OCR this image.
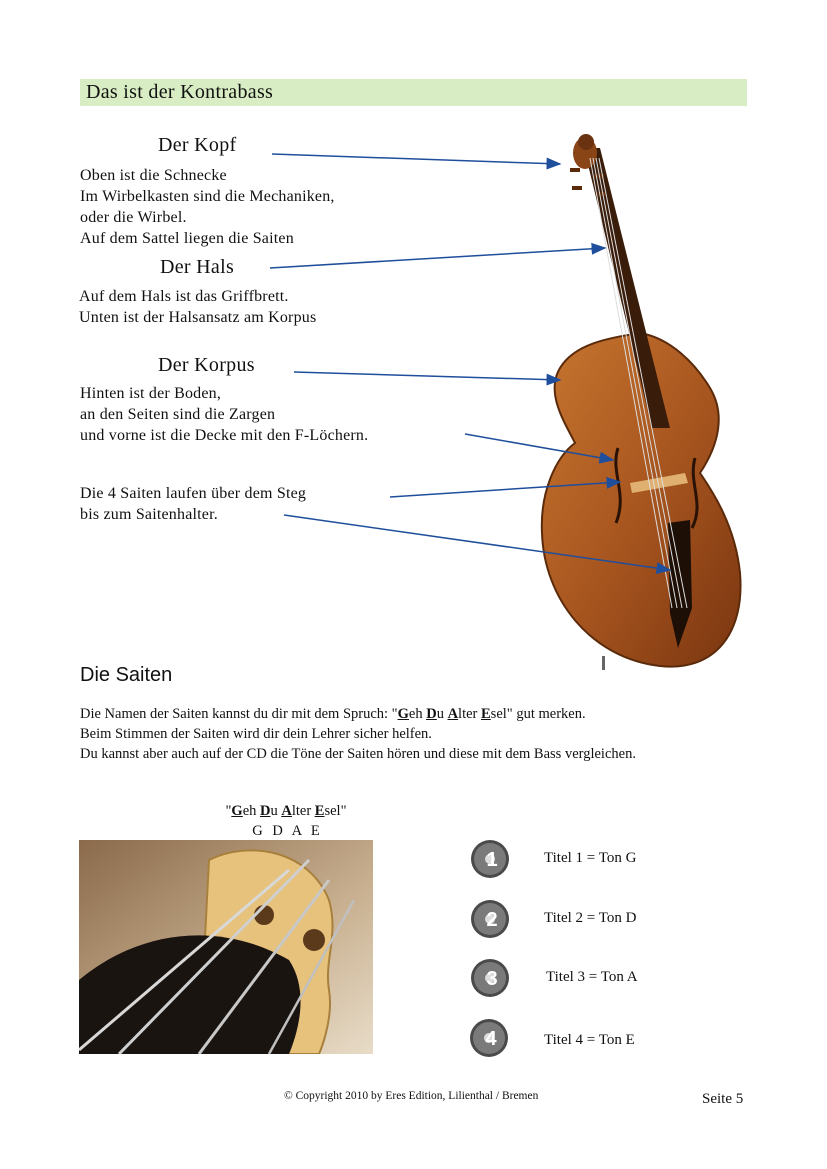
Das ist der Kontrabass
Der Kopf
Oben ist die Schnecke
Im Wirbelkasten sind die Mechaniken,
oder die Wirbel.
Auf dem Sattel liegen die Saiten
Der Hals
Auf dem Hals ist das Griffbrett.
Unten ist der Halsansatz am Korpus
Der Korpus
Hinten ist der Boden,
an den Seiten sind die Zargen
und vorne ist die Decke mit den F-Löchern.
Die 4 Saiten laufen über dem Steg
bis zum Saitenhalter.
Die Saiten
Die Namen der Saiten kannst du dir mit dem Spruch: "Geh Du Alter Esel" gut merken.
Beim Stimmen der Saiten wird dir dein Lehrer sicher helfen.
Du kannst aber auch auf der CD die Töne der Saiten hören und diese mit dem Bass vergleichen.
"Geh Du Alter Esel"
G D A E
1	Titel 1 = Ton G
2	Titel 2 = Ton D
3	Titel 3 = Ton A
4	Titel 4 = Ton E
© Copyright 2010 by Eres Edition, Lilienthal / Bremen	Seite 5
